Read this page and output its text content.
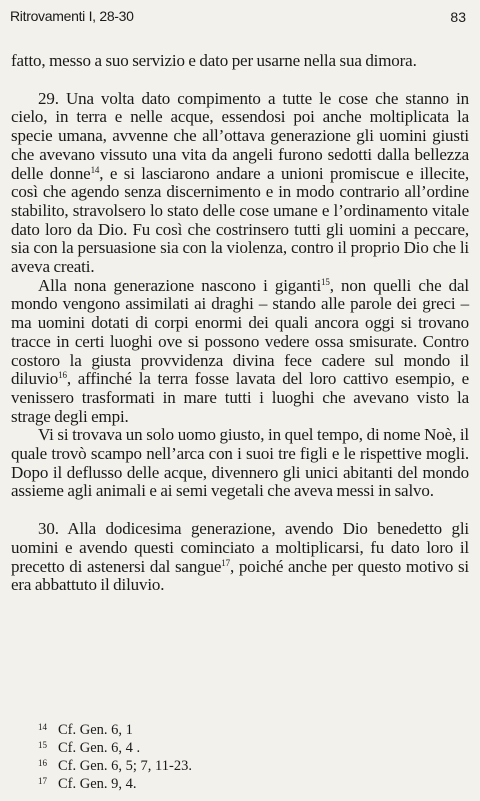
Ritrovamenti I, 28-30	83

fatto, messo a suo servizio e dato per usarne nella sua dimora.

29. Una volta dato compimento a tutte le cose che stanno in cielo, in terra e nelle acque, essendosi poi anche moltiplicata la specie umana, avvenne che all’ottava generazione gli uomini giusti che avevano vissuto una vita da angeli furono sedotti dalla bellezza delle donne$^{14}$, e si lasciarono andare a unioni promiscue e illecite, così che agendo senza discernimento e in modo contrario all’ordine stabilito, stravolsero lo stato delle cose umane e l’ordinamento vitale dato loro da Dio. Fu così che costrinsero tutti gli uomini a peccare, sia con la persuasione sia con la violenza, contro il proprio Dio che li aveva creati.

Alla nona generazione nascono i giganti$^{15}$, non quelli che dal mondo vengono assimilati ai draghi – stando alle parole dei greci – ma uomini dotati di corpi enormi dei quali ancora oggi si trovano tracce in certi luoghi ove si possono vedere ossa smisurate. Contro costoro la giusta provvidenza divina fece cadere sul mondo il diluvio$^{16}$, affinché la terra fosse lavata del loro cattivo esempio, e venissero trasformati in mare tutti i luoghi che avevano visto la strage degli empi.

Vi si trovava un solo uomo giusto, in quel tempo, di nome Noè, il quale trovò scampo nell’arca con i suoi tre figli e le rispettive mogli. Dopo il deflusso delle acque, divennero gli unici abitanti del mondo assieme agli animali e ai semi vegetali che aveva messi in salvo.

30. Alla dodicesima generazione, avendo Dio benedetto gli uomini e avendo questi cominciato a moltiplicarsi, fu dato loro il precetto di astenersi dal sangue$^{17}$, poiché anche per questo motivo si era abbattuto il diluvio.

14 Cf. Gen. 6, 1
15 Cf. Gen. 6, 4 .
16 Cf. Gen. 6, 5; 7, 11-23.
17 Cf. Gen. 9, 4.
